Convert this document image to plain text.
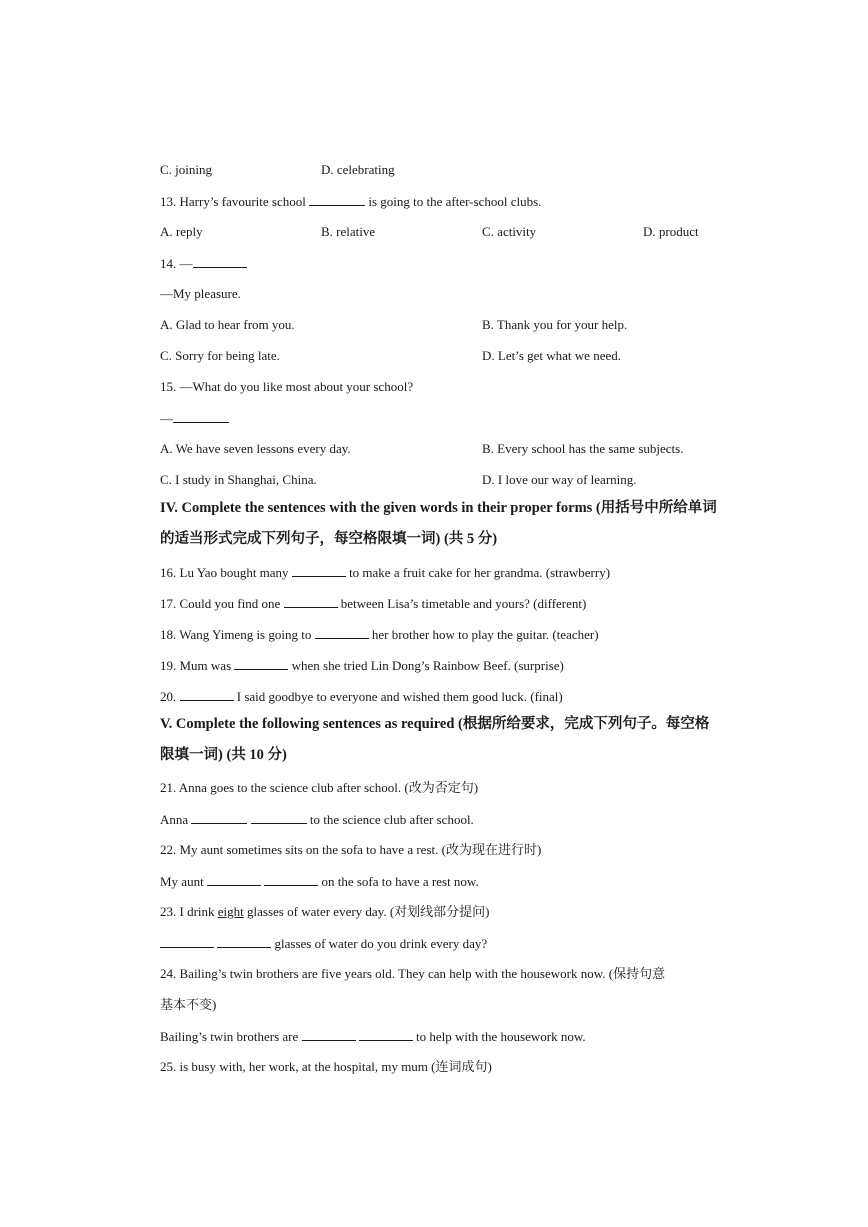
C. joining	D. celebrating
13. Harry’s favourite school	is going to the after-school clubs.
A. reply	B. relative	C. activity	D. product
14. —
—My pleasure.
A. Glad to hear from you.	B. Thank you for your help.
C. Sorry for being late.	D. Let’s get what we need.
15. —What do you like most about your school?
—
A. We have seven lessons every day.	B. Every school has the same subjects.
C. I study in Shanghai, China.	D. I love our way of learning.
IV. Complete the sentences with the given words in their proper forms (用括号中所给单词的适当形式完成下列句子，每空格限填一词) (共 5 分)
16. Lu Yao bought many	to make a fruit cake for her grandma. (strawberry)
17. Could you find one	between Lisa’s timetable and yours? (different)
18. Wang Yimeng is going to	her brother how to play the guitar. (teacher)
19. Mum was	when she tried Lin Dong’s Rainbow Beef. (surprise)
20.	I said goodbye to everyone and wished them good luck. (final)
V. Complete the following sentences as required (根据所给要求，完成下列句子。每空格限填一词) (共 10 分)
21. Anna goes to the science club after school. (改为否定句)
Anna	to the science club after school.
22. My aunt sometimes sits on the sofa to have a rest. (改为现在进行时)
My aunt	on the sofa to have a rest now.
23. I drink eight glasses of water every day. (对划线部分提问)
glasses of water do you drink every day?
24. Bailing’s twin brothers are five years old. They can help with the housework now. (保持句意
基本不变)
Bailing’s twin brothers are	to help with the housework now.
25. is busy with, her work, at the hospital, my mum (连词成句)
